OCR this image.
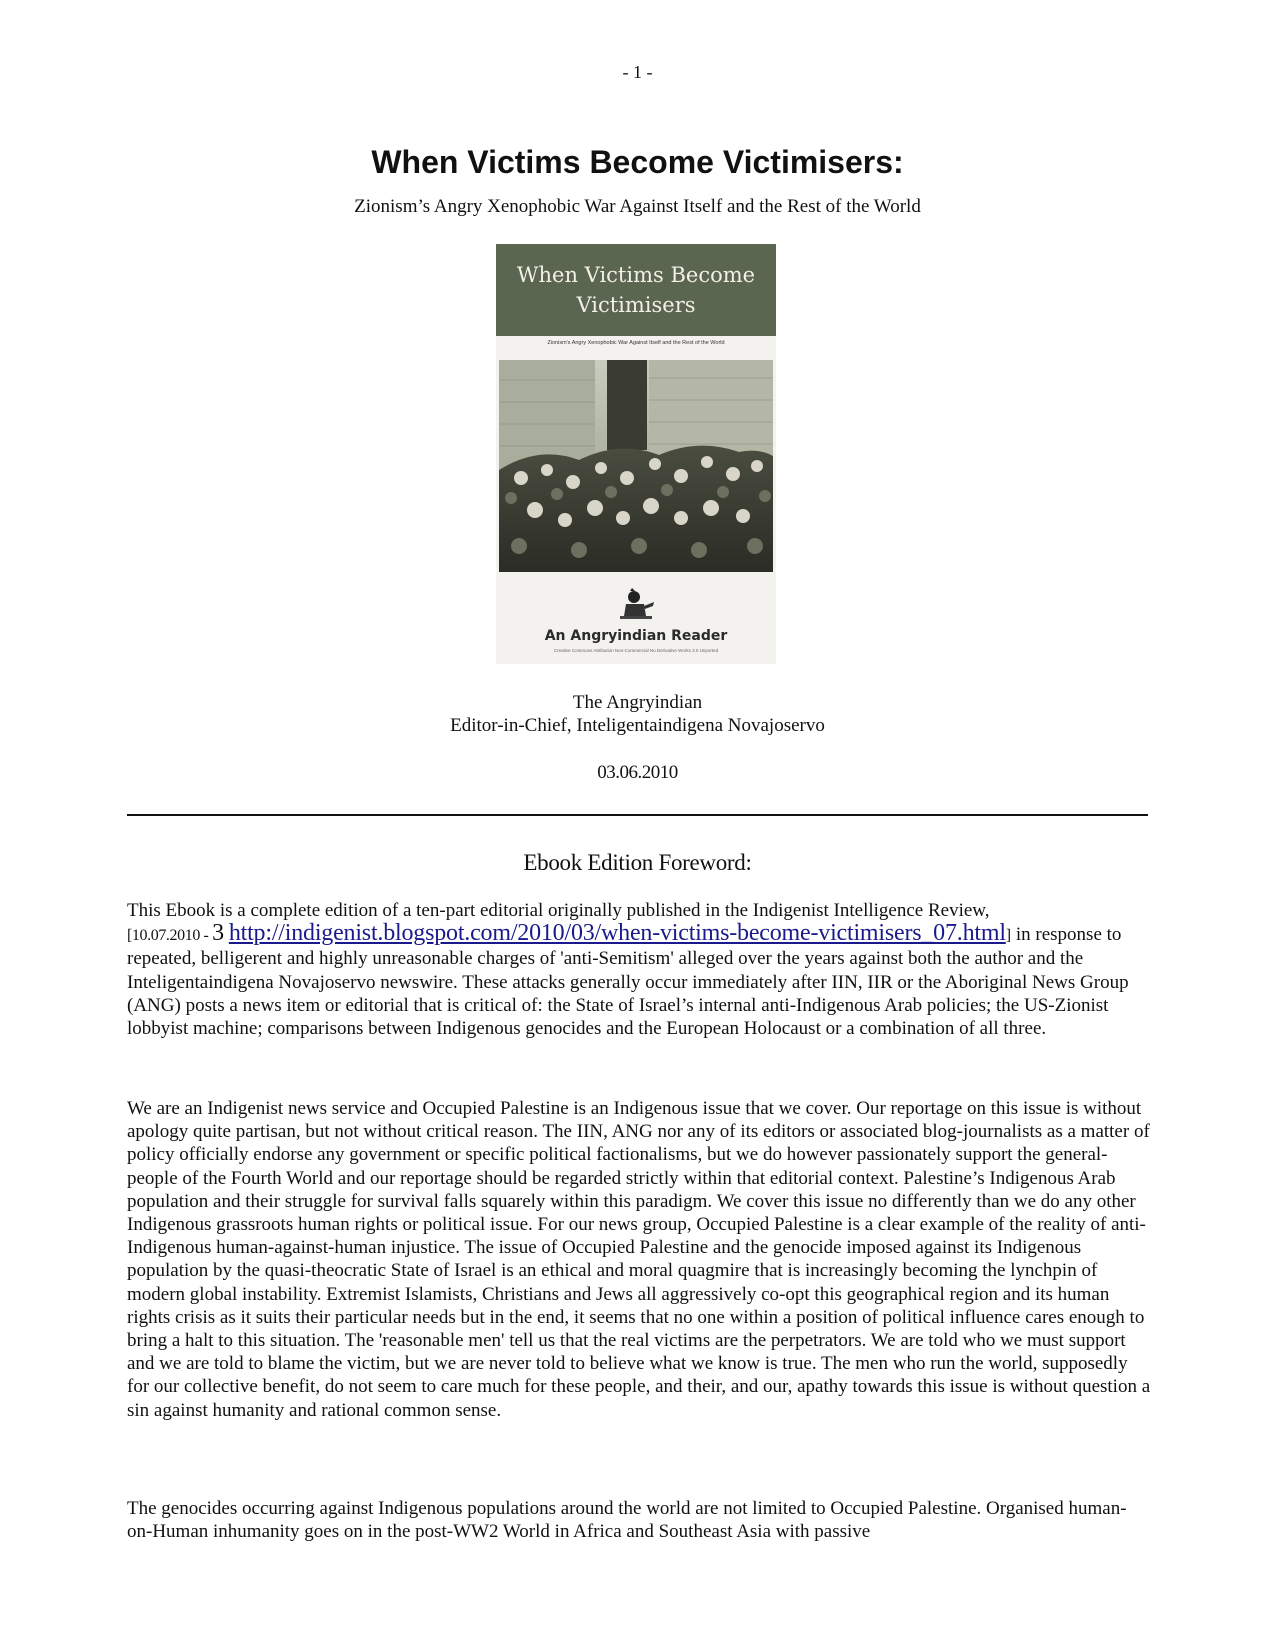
- 1 -
When Victims Become Victimisers:
Zionism’s Angry Xenophobic War Against Itself and the Rest of the World
When Victims Become
Victimisers
Zionism's Angry Xenophobic War Against Itself and the Rest of the World
An Angryindian Reader
Creative Commons Attribution Non-Commercial No Derivative Works 3.0 Unported
The Angryindian
Editor-in-Chief, Inteligentaindigena Novajoservo
03.06.2010
Ebook Edition Foreword:

This Ebook is a complete edition of a ten-part editorial originally published in the Indigenist Intelligence Review,
[10.07.2010 - 3 http://indigenist.blogspot.com/2010/03/when-victims-become-victimisers_07.html] in response to repeated, belligerent and highly unreasonable charges of 'anti-Semitism' alleged over the years against both the author and the Inteligentaindigena Novajoservo newswire. These attacks generally occur immediately after IIN, IIR or the Aboriginal News Group (ANG) posts a news item or editorial that is critical of: the State of Israel’s internal anti-Indigenous Arab policies; the US-Zionist lobbyist machine; comparisons between Indigenous genocides and the European Holocaust or a combination of all three.

We are an Indigenist news service and Occupied Palestine is an Indigenous issue that we cover. Our reportage on this issue is without apology quite partisan, but not without critical reason. The IIN, ANG nor any of its editors or associated blog-journalists as a matter of policy officially endorse any government or specific political factionalisms, but we do however passionately support the general-people of the Fourth World and our reportage should be regarded strictly within that editorial context. Palestine’s Indigenous Arab population and their struggle for survival falls squarely within this paradigm. We cover this issue no differently than we do any other Indigenous grassroots human rights or political issue. For our news group, Occupied Palestine is a clear example of the reality of anti-Indigenous human-against-human injustice. The issue of Occupied Palestine and the genocide imposed against its Indigenous population by the quasi-theocratic State of Israel is an ethical and moral quagmire that is increasingly becoming the lynchpin of modern global instability. Extremist Islamists, Christians and Jews all aggressively co-opt this geographical region and its human rights crisis as it suits their particular needs but in the end, it seems that no one within a position of political influence cares enough to bring a halt to this situation. The 'reasonable men' tell us that the real victims are the perpetrators. We are told who we must support and we are told to blame the victim, but we are never told to believe what we know is true. The men who run the world, supposedly for our collective benefit, do not seem to care much for these people, and their, and our, apathy towards this issue is without question a sin against humanity and rational common sense.

The genocides occurring against Indigenous populations around the world are not limited to Occupied Palestine. Organised human-on-Human inhumanity goes on in the post-WW2 World in Africa and Southeast Asia with passive
